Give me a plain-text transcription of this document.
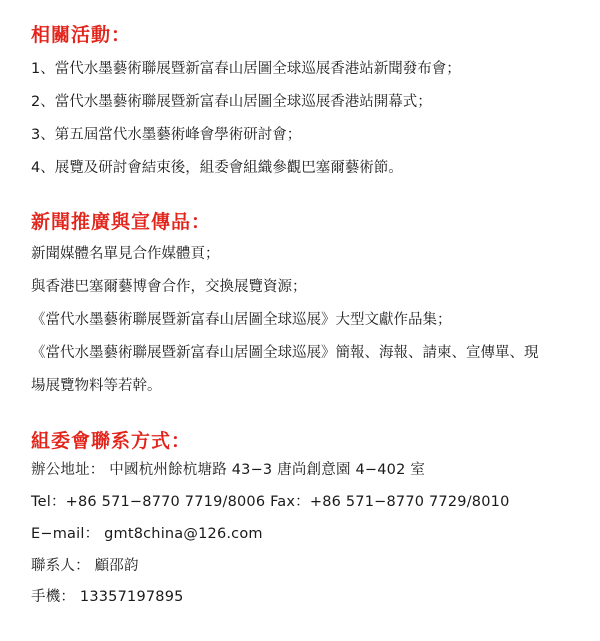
相關活動：

1、當代水墨藝術聯展暨新富春山居圖全球巡展香港站新聞發布會；

2、當代水墨藝術聯展暨新富春山居圖全球巡展香港站開幕式；

3、第五屆當代水墨藝術峰會學術研討會；

4、展覽及研討會結束後，組委會組織參觀巴塞爾藝術節。

新聞推廣與宣傳品：

新聞媒體名單見合作媒體頁；

與香港巴塞爾藝博會合作，交換展覽資源；

《當代水墨藝術聯展暨新富春山居圖全球巡展》大型文獻作品集；

《當代水墨藝術聯展暨新富春山居圖全球巡展》簡報、海報、請柬、宣傳單、現

場展覽物料等若幹。

組委會聯系方式：

辦公地址： 中國杭州餘杭塘路 43−3 唐尚創意園 4−402 室

Tel：+86 571−8770 7719/8006 Fax：+86 571−8770 7729/8010

E−mail： gmt8china@126.com

聯系人： 顧邵韵

手機： 13357197895
